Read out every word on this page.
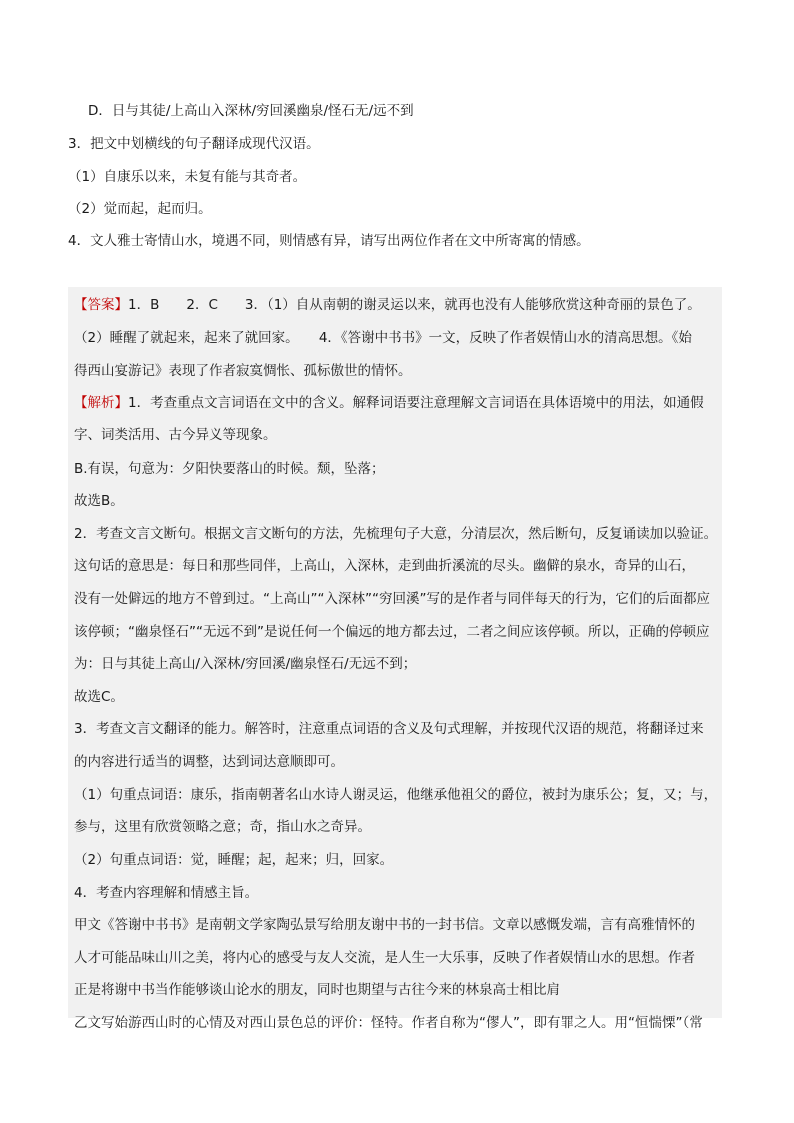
D．日与其徒/上高山入深林/穷回溪幽泉/怪石无/远不到
3．把文中划横线的句子翻译成现代汉语。
（1）自康乐以来，未复有能与其奇者。
（2）觉而起，起而归。
4．文人雅士寄情山水，境遇不同，则情感有异，请写出两位作者在文中所寄寓的情感。
【答案】1．B　　2．C　　3．（1）自从南朝的谢灵运以来，就再也没有人能够欣赏这种奇丽的景色了。
（2）睡醒了就起来，起来了就回家。　　4．《答谢中书书》一文，反映了作者娱情山水的清高思想。《始
得西山宴游记》表现了作者寂寞惆怅、孤标傲世的情怀。
【解析】1．考查重点文言词语在文中的含义。解释词语要注意理解文言词语在具体语境中的用法，如通假
字、词类活用、古今异义等现象。
B.有误，句意为：夕阳快要落山的时候。颓，坠落；
故选B。
2．考查文言文断句。根据文言文断句的方法，先梳理句子大意，分清层次，然后断句，反复诵读加以验证。
这句话的意思是：每日和那些同伴，上高山，入深林，走到曲折溪流的尽头。幽僻的泉水，奇异的山石，
没有一处僻远的地方不曾到过。“上高山”“入深林”“穷回溪”写的是作者与同伴每天的行为，它们的后面都应
该停顿；“幽泉怪石”“无远不到”是说任何一个偏远的地方都去过，二者之间应该停顿。所以，正确的停顿应
为：日与其徒上高山/入深林/穷回溪/幽泉怪石/无远不到；
故选C。
3．考查文言文翻译的能力。解答时，注意重点词语的含义及句式理解，并按现代汉语的规范，将翻译过来
的内容进行适当的调整，达到词达意顺即可。
（1）句重点词语：康乐，指南朝著名山水诗人谢灵运，他继承他祖父的爵位，被封为康乐公；复，又；与，
参与，这里有欣赏领略之意；奇，指山水之奇异。
（2）句重点词语：觉，睡醒；起，起来；归，回家。
4．考查内容理解和情感主旨。
甲文《答谢中书书》是南朝文学家陶弘景写给朋友谢中书的一封书信。文章以感慨发端，言有高雅情怀的
人才可能品味山川之美，将内心的感受与友人交流，是人生一大乐事，反映了作者娱情山水的思想。作者
正是将谢中书当作能够谈山论水的朋友，同时也期望与古往今来的林泉高士相比肩
乙文写始游西山时的心情及对西山景色总的评价：怪特。作者自称为“僇人”，即有罪之人。用“恒惴慄”（常
